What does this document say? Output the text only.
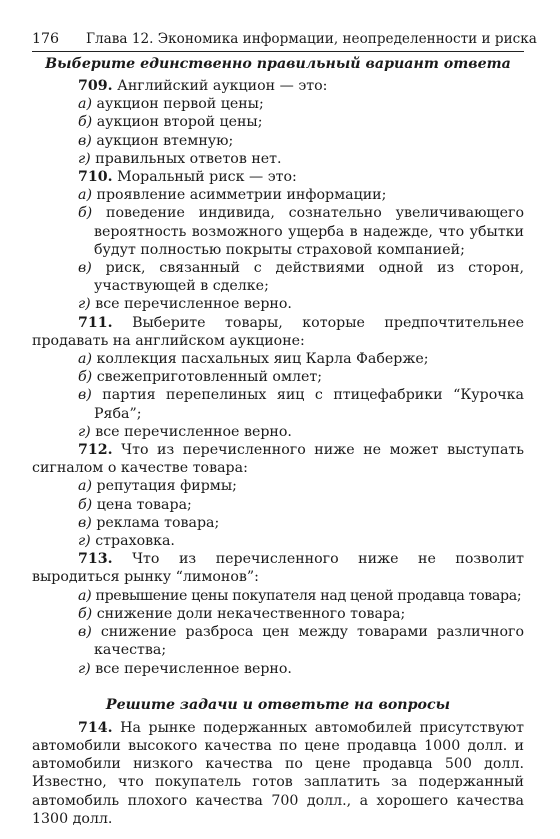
176	Глава 12. Экономика информации, неопределенности и риска
Выберите единственно правильный вариант ответа
709. Английский аукцион — это:
а) аукцион первой цены;
б) аукцион второй цены;
в) аукцион втемную;
г) правильных ответов нет.
710. Моральный риск — это:
а) проявление асимметрии информации;
б) поведение индивида, сознательно увеличивающего вероятность возможного ущерба в надежде, что убытки будут полностью покрыты страховой компанией;
в) риск, связанный с действиями одной из сторон, участвующей в сделке;
г) все перечисленное верно.
711. Выберите товары, которые предпочтительнее продавать на английском аукционе:
а) коллекция пасхальных яиц Карла Фаберже;
б) свежеприготовленный омлет;
в) партия перепелиных яиц с птицефабрики “Курочка Ряба”;
г) все перечисленное верно.
712. Что из перечисленного ниже не может выступать сигналом о качестве товара:
а) репутация фирмы;
б) цена товара;
в) реклама товара;
г) страховка.
713. Что из перечисленного ниже не позволит выродиться рынку “лимонов”:
а) превышение цены покупателя над ценой продавца товара;
б) снижение доли некачественного товара;
в) снижение разброса цен между товарами различного качества;
г) все перечисленное верно.
Решите задачи и ответьте на вопросы
714. На рынке подержанных автомобилей присутствуют автомобили высокого качества по цене продавца 1000 долл. и автомобили низкого качества по цене продавца 500 долл. Известно, что покупатель готов заплатить за подержанный автомобиль плохого качества 700 долл., а хорошего качества 1300 долл.
